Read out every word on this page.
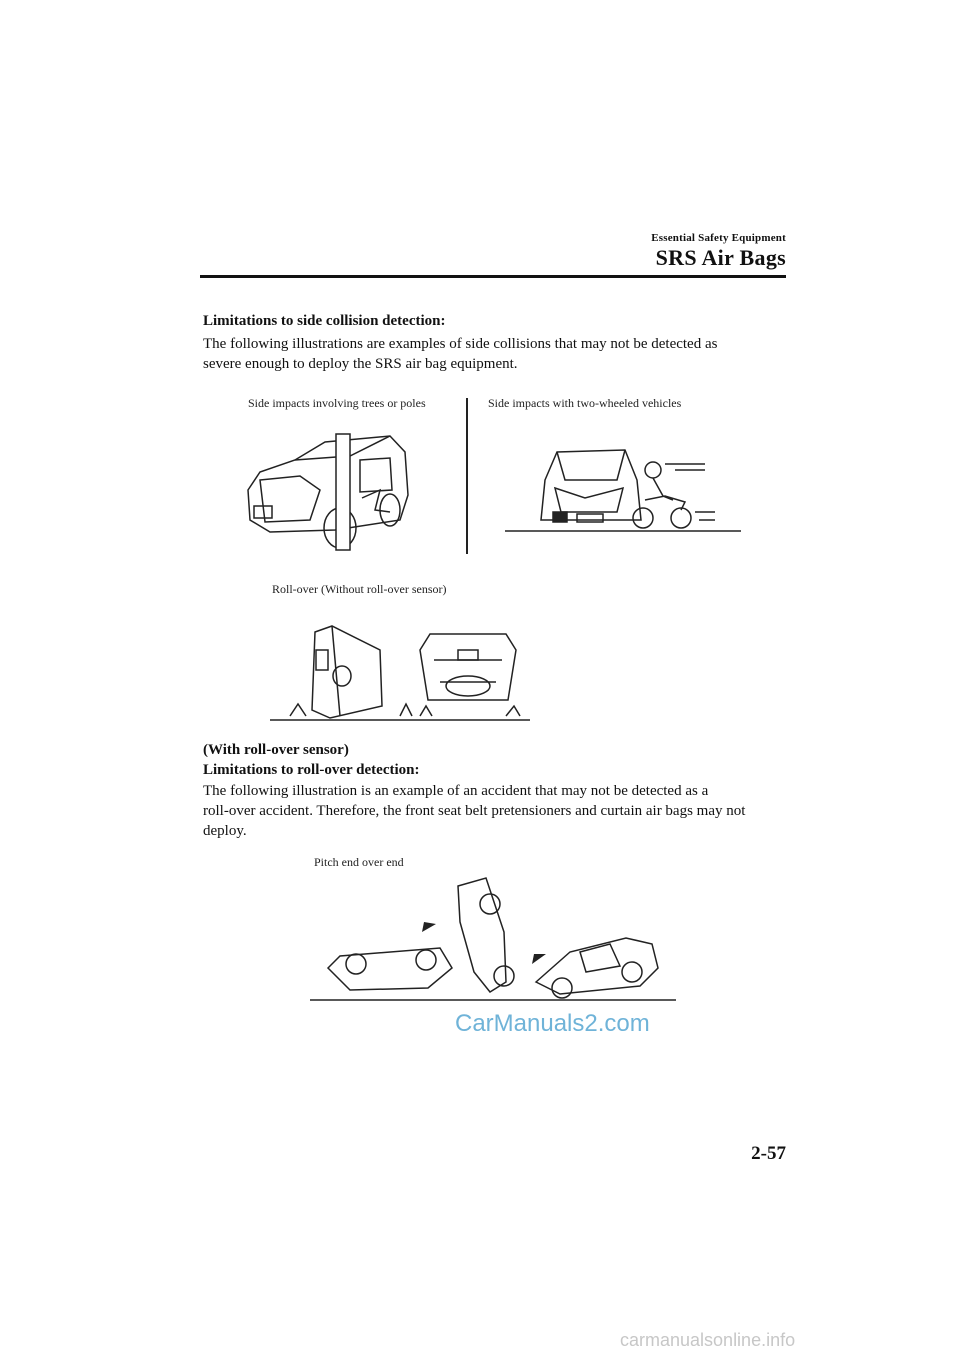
Essential Safety Equipment
SRS Air Bags
Limitations to side collision detection:
The following illustrations are examples of side collisions that may not be detected as
severe enough to deploy the SRS air bag equipment.
Side impacts involving trees or poles	Side impacts with two-wheeled vehicles
Roll-over (Without roll-over sensor)
(With roll-over sensor)
Limitations to roll-over detection:
The following illustration is an example of an accident that may not be detected as a
roll-over accident. Therefore, the front seat belt pretensioners and curtain air bags may not
deploy.
Pitch end over end
CarManuals2.com
2-57
carmanualsonline.info
